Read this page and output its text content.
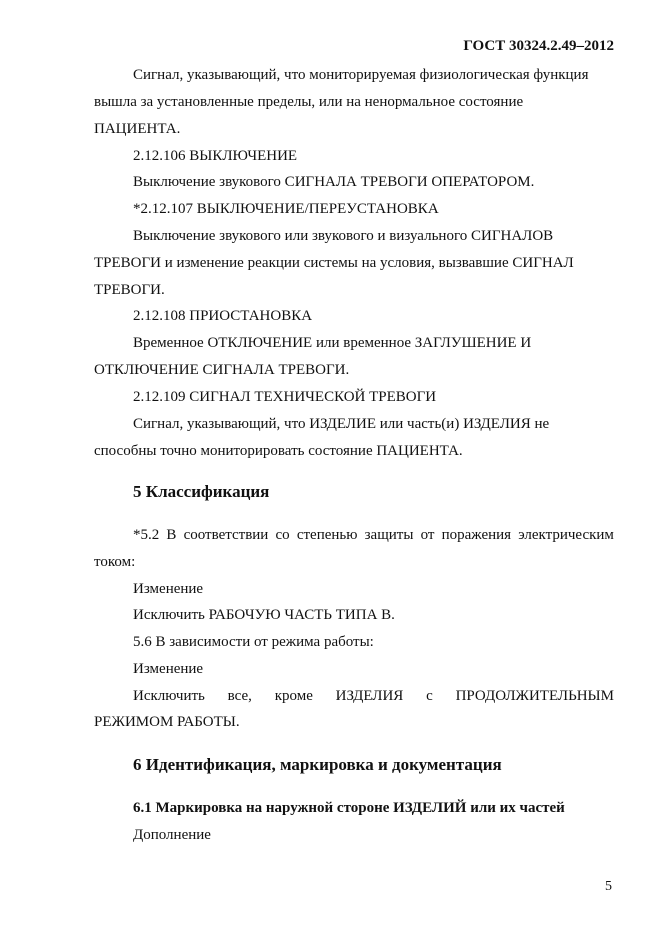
ГОСТ 30324.2.49–2012
Сигнал, указывающий, что мониторируемая физиологическая функция
вышла за установленные пределы, или на ненормальное состояние
ПАЦИЕНТА.
2.12.106 ВЫКЛЮЧЕНИЕ
Выключение звукового СИГНАЛА ТРЕВОГИ ОПЕРАТОРОМ.
*2.12.107 ВЫКЛЮЧЕНИЕ/ПЕРЕУСТАНОВКА
Выключение звукового или звукового и визуального СИГНАЛОВ
ТРЕВОГИ и изменение реакции системы на условия, вызвавшие СИГНАЛ
ТРЕВОГИ.
2.12.108 ПРИОСТАНОВКА
Временное ОТКЛЮЧЕНИЕ или временное ЗАГЛУШЕНИЕ И
ОТКЛЮЧЕНИЕ СИГНАЛА ТРЕВОГИ.
2.12.109 СИГНАЛ ТЕХНИЧЕСКОЙ ТРЕВОГИ
Сигнал, указывающий, что ИЗДЕЛИЕ или часть(и) ИЗДЕЛИЯ не
способны точно мониторировать состояние ПАЦИЕНТА.
5 Классификация
*5.2 В соответствии со степенью защиты от поражения электрическим
током:
Изменение
Исключить РАБОЧУЮ ЧАСТЬ ТИПА В.
5.6 В зависимости от режима работы:
Изменение
Исключить все, кроме ИЗДЕЛИЯ с ПРОДОЛЖИТЕЛЬНЫМ
РЕЖИМОМ РАБОТЫ.
6 Идентификация, маркировка и документация
6.1 Маркировка на наружной стороне ИЗДЕЛИЙ или их частей
Дополнение
5
